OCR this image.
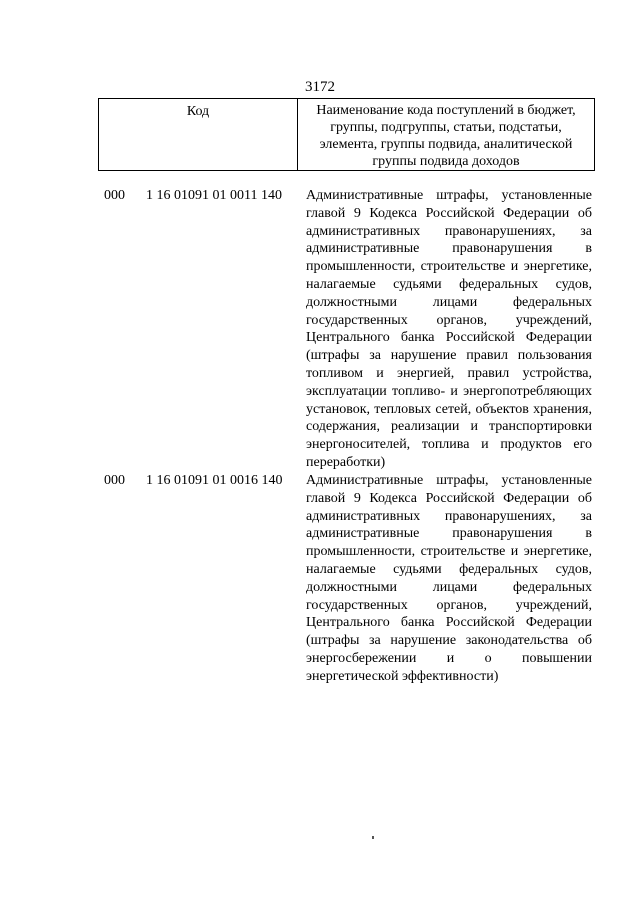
3172
Код	Наименование кода поступлений в бюджет, группы, подгруппы, статьи, подстатьи, элемента, группы подвида, аналитической группы подвида доходов
000 1 16 01091 01 0011 140 Административные штрафы, установленные главой 9 Кодекса Российской Федерации об административных правонарушениях, за административные правонарушения в промышленности, строительстве и энергетике, налагаемые судьями федеральных судов, должностными лицами федеральных государственных органов, учреждений, Центрального банка Российской Федерации (штрафы за нарушение правил пользования топливом и энергией, правил устройства, эксплуатации топливо- и энергопотребляющих установок, тепловых сетей, объектов хранения, содержания, реализации и транспортировки энергоносителей, топлива и продуктов его переработки)
000 1 16 01091 01 0016 140 Административные штрафы, установленные главой 9 Кодекса Российской Федерации об административных правонарушениях, за административные правонарушения в промышленности, строительстве и энергетике, налагаемые судьями федеральных судов, должностными лицами федеральных государственных органов, учреждений, Центрального банка Российской Федерации (штрафы за нарушение законодательства об энергосбережении и о повышении энергетической эффективности)
